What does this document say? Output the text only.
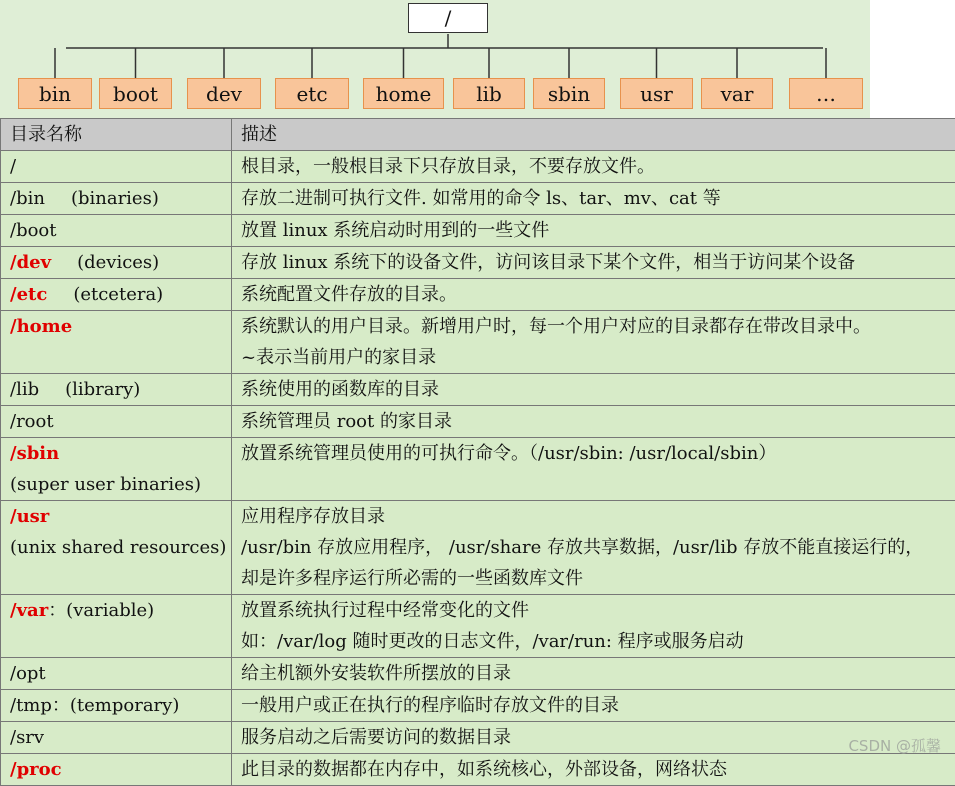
/
bin	boot	dev	etc	home	lib	sbin	usr	var	…
目录名称	描述

/	根目录，一般根目录下只存放目录，不要存放文件。

/bin (binaries)	存放二进制可执行文件. 如常用的命令 ls、tar、mv、cat 等

/boot	放置 linux 系统启动时用到的一些文件

/dev (devices)	存放 linux 系统下的设备文件，访问该目录下某个文件，相当于访问某个设备

/etc (etcetera)	系统配置文件存放的目录。

/home	系统默认的用户目录。新增用户时，每一个用户对应的目录都存在带改目录中。
~表示当前用户的家目录

/lib (library)	系统使用的函数库的目录

/root	系统管理员 root 的家目录

/sbin
(super user binaries)	放置系统管理员使用的可执行命令。（/usr/sbin: /usr/local/sbin）

/usr
(unix shared resources)	应用程序存放目录
/usr/bin 存放应用程序， /usr/share 存放共享数据，/usr/lib 存放不能直接运行的，
却是许多程序运行所必需的一些函数库文件

/var：(variable)	放置系统执行过程中经常变化的文件
如：/var/log 随时更改的日志文件，/var/run: 程序或服务启动

/opt	给主机额外安装软件所摆放的目录

/tmp：(temporary)	一般用户或正在执行的程序临时存放文件的目录

/srv	服务启动之后需要访问的数据目录

/proc	此目录的数据都在内存中，如系统核心，外部设备，网络状态
CSDN @孤馨
